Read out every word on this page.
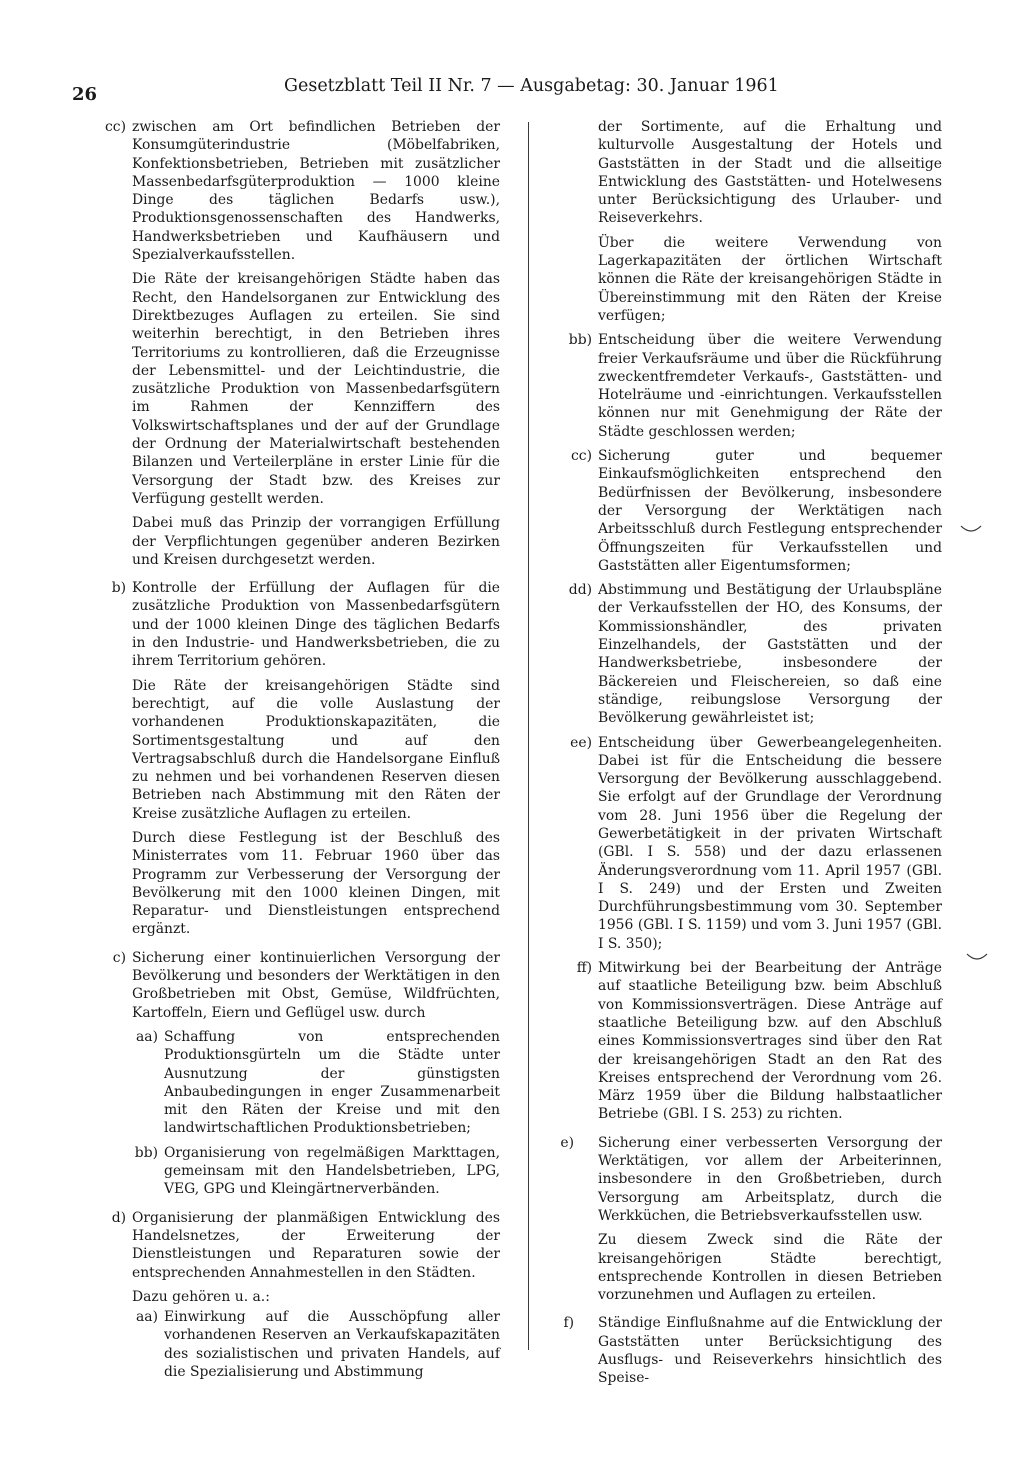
26	Gesetzblatt Teil II Nr. 7 — Ausgabetag: 30. Januar 1961
cc) zwischen am Ort befindlichen Betrieben der Konsumgüterindustrie (Möbelfabriken, Konfektionsbetrieben, Betrieben mit zusätzlicher Massenbedarfsgüterproduktion — 1000 kleine Dinge des täglichen Bedarfs usw.), Produktionsgenossenschaften des Handwerks, Handwerksbetrieben und Kaufhäusern und Spezialverkaufsstellen.
Die Räte der kreisangehörigen Städte haben das Recht, den Handelsorganen zur Entwicklung des Direktbezuges Auflagen zu erteilen. Sie sind weiterhin berechtigt, in den Betrieben ihres Territoriums zu kontrollieren, daß die Erzeugnisse der Lebensmittel- und der Leichtindustrie, die zusätzliche Produktion von Massenbedarfsgütern im Rahmen der Kennziffern des Volkswirtschaftsplanes und der auf der Grundlage der Ordnung der Materialwirtschaft bestehenden Bilanzen und Verteilerpläne in erster Linie für die Versorgung der Stadt bzw. des Kreises zur Verfügung gestellt werden.
Dabei muß das Prinzip der vorrangigen Erfüllung der Verpflichtungen gegenüber anderen Bezirken und Kreisen durchgesetzt werden.
b) Kontrolle der Erfüllung der Auflagen für die zusätzliche Produktion von Massenbedarfsgütern und der 1000 kleinen Dinge des täglichen Bedarfs in den Industrie- und Handwerksbetrieben, die zu ihrem Territorium gehören.
Die Räte der kreisangehörigen Städte sind berechtigt, auf die volle Auslastung der vorhandenen Produktionskapazitäten, die Sortimentsgestaltung und auf den Vertragsabschluß durch die Handelsorgane Einfluß zu nehmen und bei vorhandenen Reserven diesen Betrieben nach Abstimmung mit den Räten der Kreise zusätzliche Auflagen zu erteilen.
Durch diese Festlegung ist der Beschluß des Ministerrates vom 11. Februar 1960 über das Programm zur Verbesserung der Versorgung der Bevölkerung mit den 1000 kleinen Dingen, mit Reparatur- und Dienstleistungen entsprechend ergänzt.
c) Sicherung einer kontinuierlichen Versorgung der Bevölkerung und besonders der Werktätigen in den Großbetrieben mit Obst, Gemüse, Wildfrüchten, Kartoffeln, Eiern und Geflügel usw. durch
aa) Schaffung von entsprechenden Produktionsgürteln um die Städte unter Ausnutzung der günstigsten Anbaubedingungen in enger Zusammenarbeit mit den Räten der Kreise und mit den landwirtschaftlichen Produktionsbetrieben;
bb) Organisierung von regelmäßigen Markttagen, gemeinsam mit den Handelsbetrieben, LPG, VEG, GPG und Kleingärtnerverbänden.
d) Organisierung der planmäßigen Entwicklung des Handelsnetzes, der Erweiterung der Dienstleistungen und Reparaturen sowie der entsprechenden Annahmestellen in den Städten.
Dazu gehören u. a.:
aa) Einwirkung auf die Ausschöpfung aller vorhandenen Reserven an Verkaufskapazitäten des sozialistischen und privaten Handels, auf die Spezialisierung und Abstimmung
der Sortimente, auf die Erhaltung und kulturvolle Ausgestaltung der Hotels und Gaststätten in der Stadt und die allseitige Entwicklung des Gaststätten- und Hotelwesens unter Berücksichtigung des Urlauber- und Reiseverkehrs.
Über die weitere Verwendung von Lagerkapazitäten der örtlichen Wirtschaft können die Räte der kreisangehörigen Städte in Übereinstimmung mit den Räten der Kreise verfügen;
bb) Entscheidung über die weitere Verwendung freier Verkaufsräume und über die Rückführung zweckentfremdeter Verkaufs-, Gaststätten- und Hotelräume und -einrichtungen. Verkaufsstellen können nur mit Genehmigung der Räte der Städte geschlossen werden;
cc) Sicherung guter und bequemer Einkaufsmöglichkeiten entsprechend den Bedürfnissen der Bevölkerung, insbesondere der Versorgung der Werktätigen nach Arbeitsschluß durch Festlegung entsprechender Öffnungszeiten für Verkaufsstellen und Gaststätten aller Eigentumsformen;
dd) Abstimmung und Bestätigung der Urlaubspläne der Verkaufsstellen der HO, des Konsums, der Kommissionshändler, des privaten Einzelhandels, der Gaststätten und der Handwerksbetriebe, insbesondere der Bäckereien und Fleischereien, so daß eine ständige, reibungslose Versorgung der Bevölkerung gewährleistet ist;
ee) Entscheidung über Gewerbeangelegenheiten. Dabei ist für die Entscheidung die bessere Versorgung der Bevölkerung ausschlaggebend. Sie erfolgt auf der Grundlage der Verordnung vom 28. Juni 1956 über die Regelung der Gewerbetätigkeit in der privaten Wirtschaft (GBl. I S. 558) und der dazu erlassenen Änderungsverordnung vom 11. April 1957 (GBl. I S. 249) und der Ersten und Zweiten Durchführungsbestimmung vom 30. September 1956 (GBl. I S. 1159) und vom 3. Juni 1957 (GBl. I S. 350);
ff) Mitwirkung bei der Bearbeitung der Anträge auf staatliche Beteiligung bzw. beim Abschluß von Kommissionsverträgen. Diese Anträge auf staatliche Beteiligung bzw. auf den Abschluß eines Kommissionsvertrages sind über den Rat der kreisangehörigen Stadt an den Rat des Kreises entsprechend der Verordnung vom 26. März 1959 über die Bildung halbstaatlicher Betriebe (GBl. I S. 253) zu richten.
e) Sicherung einer verbesserten Versorgung der Werktätigen, vor allem der Arbeiterinnen, insbesondere in den Großbetrieben, durch Versorgung am Arbeitsplatz, durch die Werkküchen, die Betriebsverkaufsstellen usw.
Zu diesem Zweck sind die Räte der kreisangehörigen Städte berechtigt, entsprechende Kontrollen in diesen Betrieben vorzunehmen und Auflagen zu erteilen.
f) Ständige Einflußnahme auf die Entwicklung der Gaststätten unter Berücksichtigung des Ausflugs- und Reiseverkehrs hinsichtlich des Speise-
